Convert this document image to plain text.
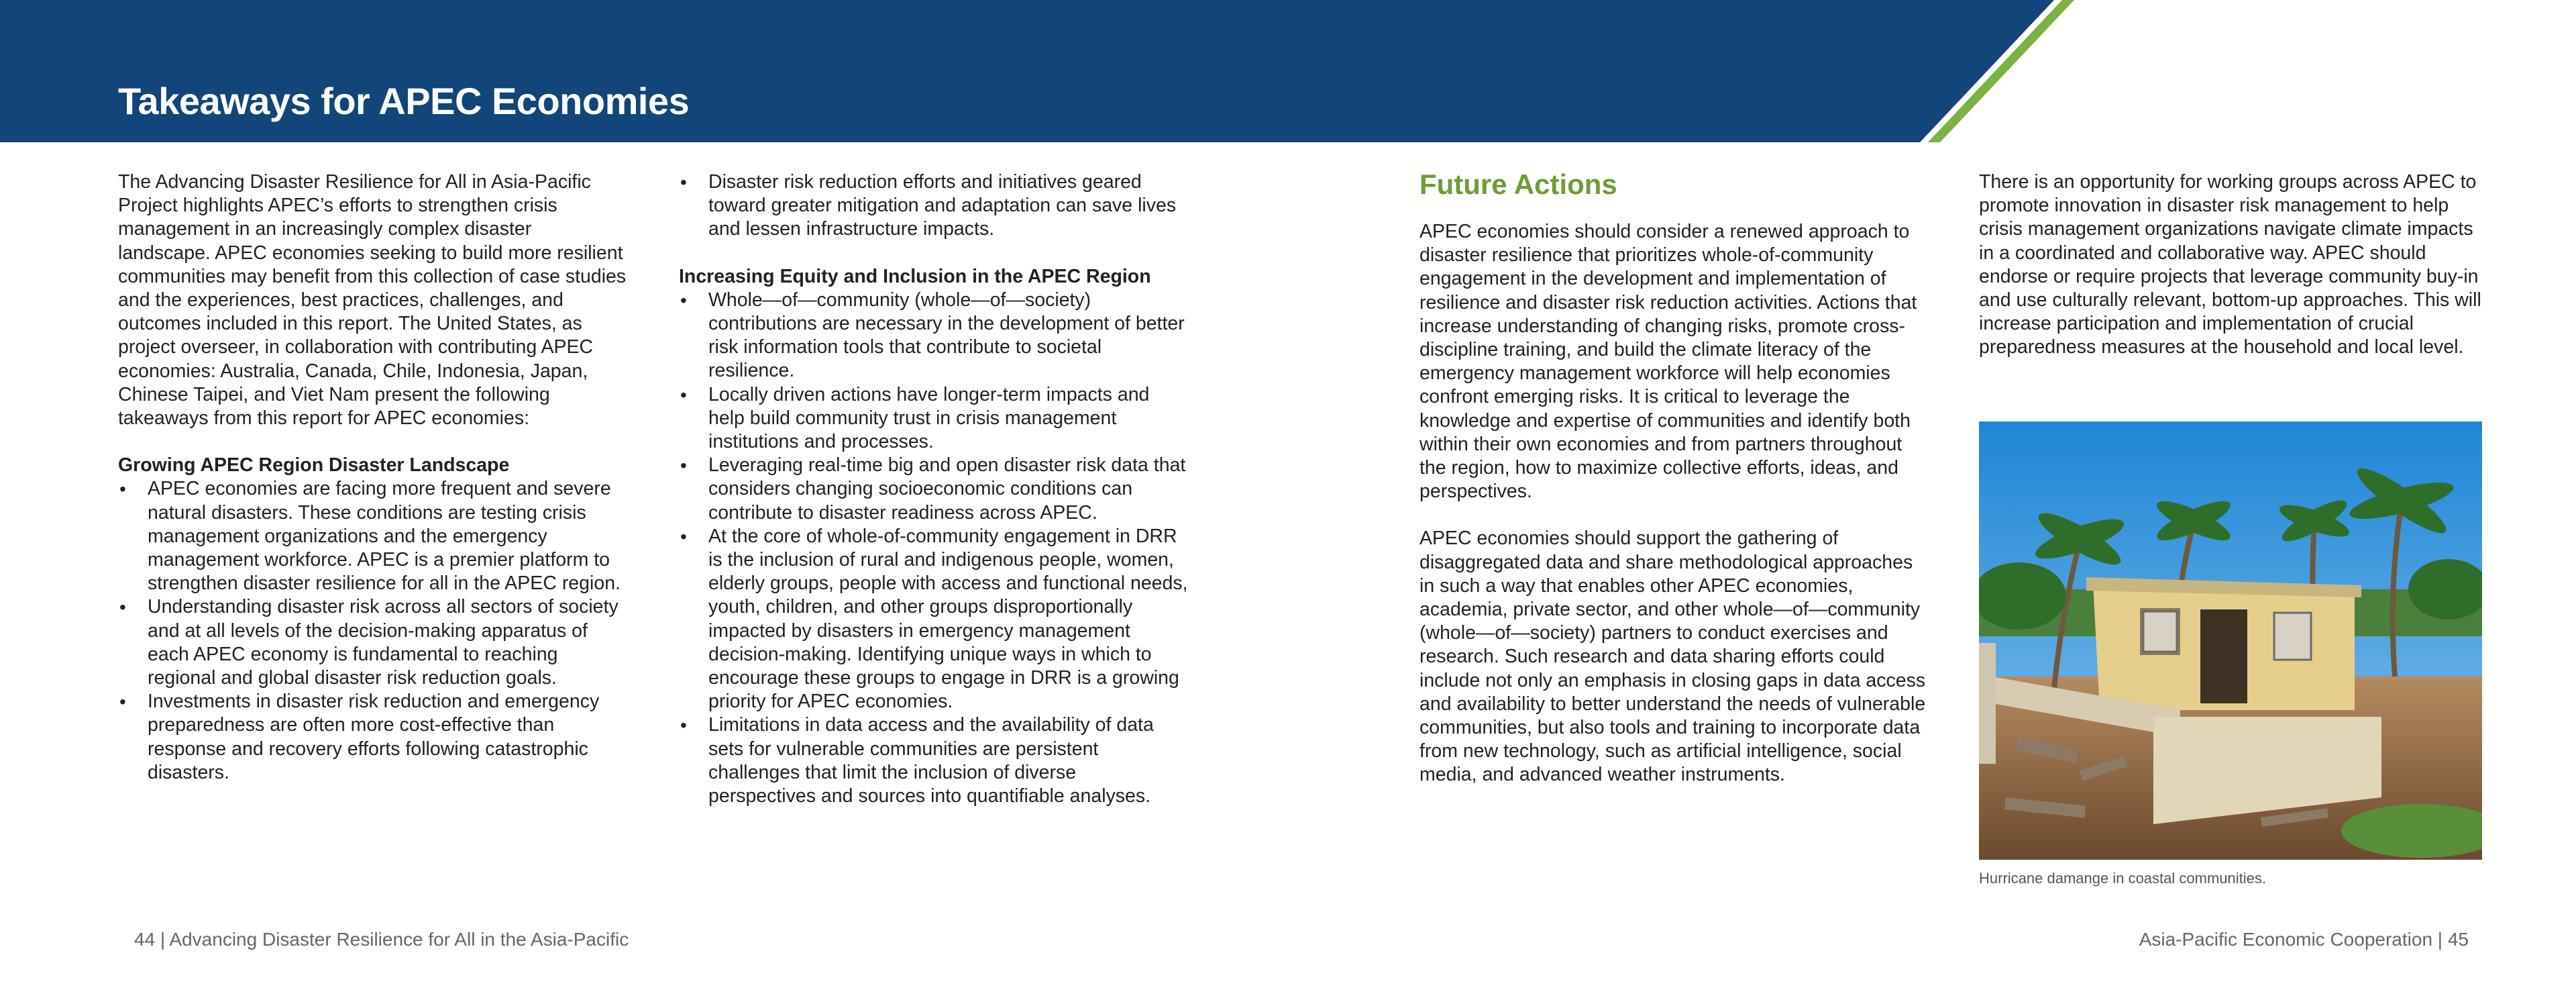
Takeaways for APEC Economies

The Advancing Disaster Resilience for All in Asia-Pacific Project highlights APEC’s efforts to strengthen crisis management in an increasingly complex disaster landscape. APEC economies seeking to build more resilient communities may benefit from this collection of case studies and the experiences, best practices, challenges, and outcomes included in this report. The United States, as project overseer, in collaboration with contributing APEC economies: Australia, Canada, Chile, Indonesia, Japan, Chinese Taipei, and Viet Nam present the following takeaways from this report for APEC economies:

Growing APEC Region Disaster Landscape
• APEC economies are facing more frequent and severe natural disasters. These conditions are testing crisis management organizations and the emergency management workforce. APEC is a premier platform to strengthen disaster resilience for all in the APEC region.
• Understanding disaster risk across all sectors of society and at all levels of the decision-making apparatus of each APEC economy is fundamental to reaching regional and global disaster risk reduction goals.
• Investments in disaster risk reduction and emergency preparedness are often more cost-effective than response and recovery efforts following catastrophic disasters.
• Disaster risk reduction efforts and initiatives geared toward greater mitigation and adaptation can save lives and lessen infrastructure impacts.
Increasing Equity and Inclusion in the APEC Region
• Whole—of—community (whole—of—society) contributions are necessary in the development of better risk information tools that contribute to societal resilience.
• Locally driven actions have longer-term impacts and help build community trust in crisis management institutions and processes.
• Leveraging real-time big and open disaster risk data that considers changing socioeconomic conditions can contribute to disaster readiness across APEC.
• At the core of whole-of-community engagement in DRR is the inclusion of rural and indigenous people, women, elderly groups, people with access and functional needs, youth, children, and other groups disproportionally impacted by disasters in emergency management decision-making. Identifying unique ways in which to encourage these groups to engage in DRR is a growing priority for APEC economies.
• Limitations in data access and the availability of data sets for vulnerable communities are persistent challenges that limit the inclusion of diverse perspectives and sources into quantifiable analyses.
Future Actions

APEC economies should consider a renewed approach to disaster resilience that prioritizes whole-of-community engagement in the development and implementation of resilience and disaster risk reduction activities. Actions that increase understanding of changing risks, promote cross-discipline training, and build the climate literacy of the emergency management workforce will help economies confront emerging risks. It is critical to leverage the knowledge and expertise of communities and identify both within their own economies and from partners throughout the region, how to maximize collective efforts, ideas, and perspectives.

APEC economies should support the gathering of disaggregated data and share methodological approaches in such a way that enables other APEC economies, academia, private sector, and other whole—of—community (whole—of—society) partners to conduct exercises and research. Such research and data sharing efforts could include not only an emphasis in closing gaps in data access and availability to better understand the needs of vulnerable communities, but also tools and training to incorporate data from new technology, such as artificial intelligence, social media, and advanced weather instruments.

There is an opportunity for working groups across APEC to promote innovation in disaster risk management to help crisis management organizations navigate climate impacts in a coordinated and collaborative way. APEC should endorse or require projects that leverage community buy-in and use culturally relevant, bottom-up approaches. This will increase participation and implementation of crucial preparedness measures at the household and local level.

Hurricane damange in coastal communities.
44 | Advancing Disaster Resilience for All in the Asia-Pacific	Asia-Pacific Economic Cooperation | 45
